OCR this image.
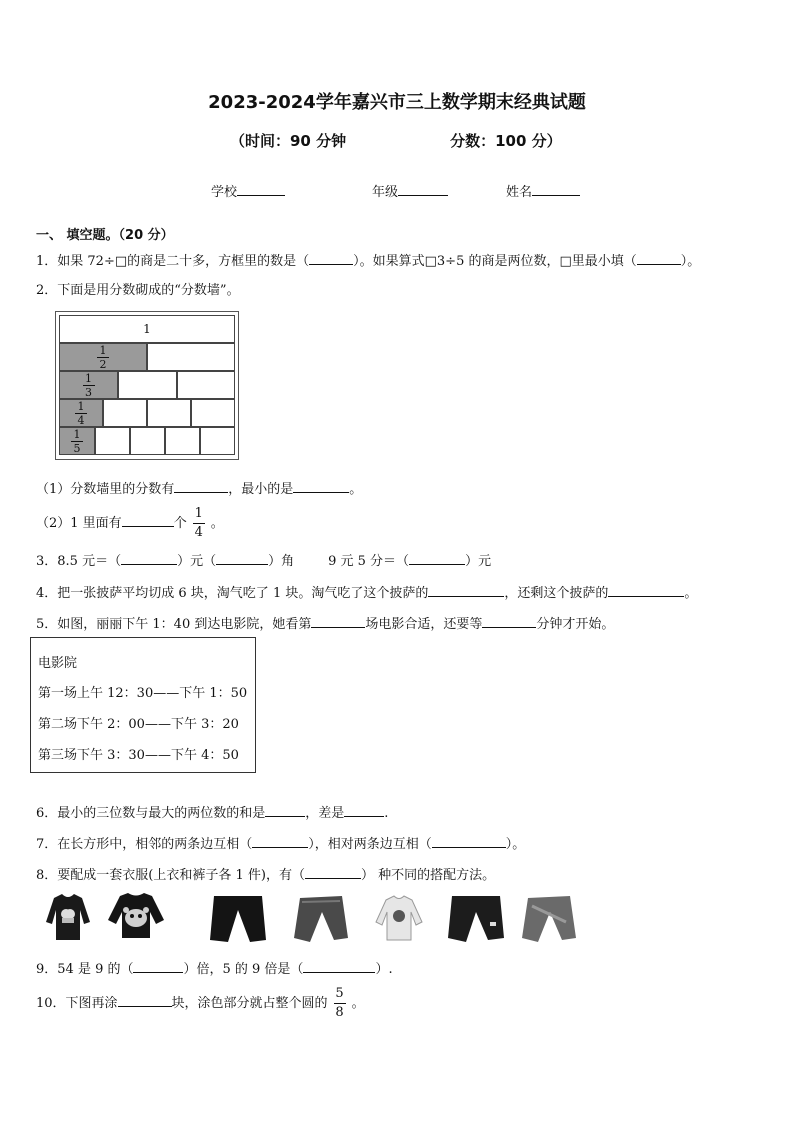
2023-2024学年嘉兴市三上数学期末经典试题
（时间：90 分钟	分数：100 分）
学校	年级	姓名
一、 填空题。（20 分）
1．如果 72÷□的商是二十多，方框里的数是（	）。如果算式□3÷5 的商是两位数，□里最小填（	）。
2．下面是用分数砌成的“分数墙”。
1
$\frac{1}{2}$
$\frac{1}{3}$
$\frac{1}{4}$
$\frac{1}{5}$
（1）分数墙里的分数有	，最小的是	。
（2）1 里面有	个 $\frac{1}{4}$ 。
3．8.5 元＝（	）元（	）角	9 元 5 分＝（	）元
4．把一张披萨平均切成 6 块，淘气吃了 1 块。淘气吃了这个披萨的	，还剩这个披萨的	。
5．如图，丽丽下午 1：40 到达电影院，她看第	场电影合适，还要等	分钟才开始。
电影院
第一场上午 12：30——下午 1：50
第二场下午 2：00——下午 3：20
第三场下午 3：30——下午 4：50
6．最小的三位数与最大的两位数的和是	，差是	.
7．在长方形中，相邻的两条边互相（	），相对两条边互相（	）。
8．要配成一套衣服(上衣和裤子各 1 件)，有（	） 种不同的搭配方法。
9．54 是 9 的（	）倍，5 的 9 倍是（	）.
10．下图再涂	块，涂色部分就占整个圆的 $\frac{5}{8}$ 。
